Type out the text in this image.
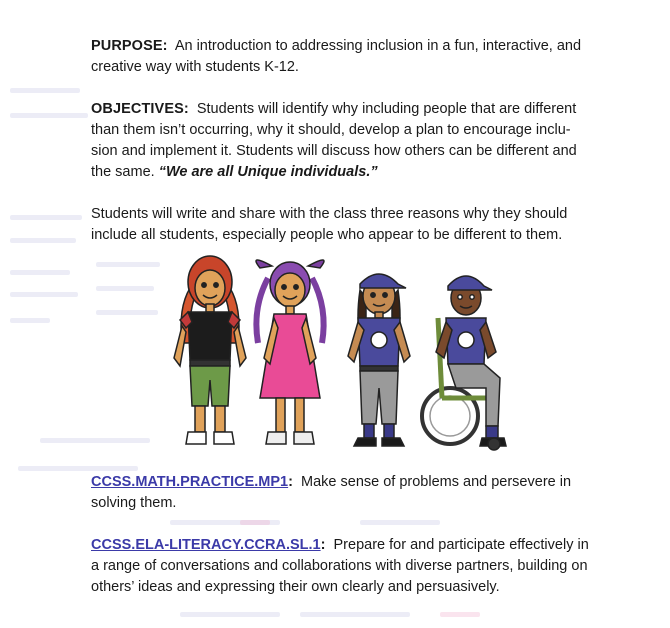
PURPOSE: An introduction to addressing inclusion in a fun, interactive, and creative way with students K-12.

OBJECTIVES: Students will identify why including people that are different than them isn’t occurring, why it should, develop a plan to encourage inclu-sion and implement it. Students will discuss how others can be different and the same. “We are all Unique individuals.”

Students will write and share with the class three reasons why they should include all students, especially people who appear to be different to them.

CCSS.MATH.PRACTICE.MP1: Make sense of problems and persevere in solving them.

CCSS.ELA-LITERACY.CCRA.SL.1: Prepare for and participate effectively in a range of conversations and collaborations with diverse partners, building on others’ ideas and expressing their own clearly and persuasively.
